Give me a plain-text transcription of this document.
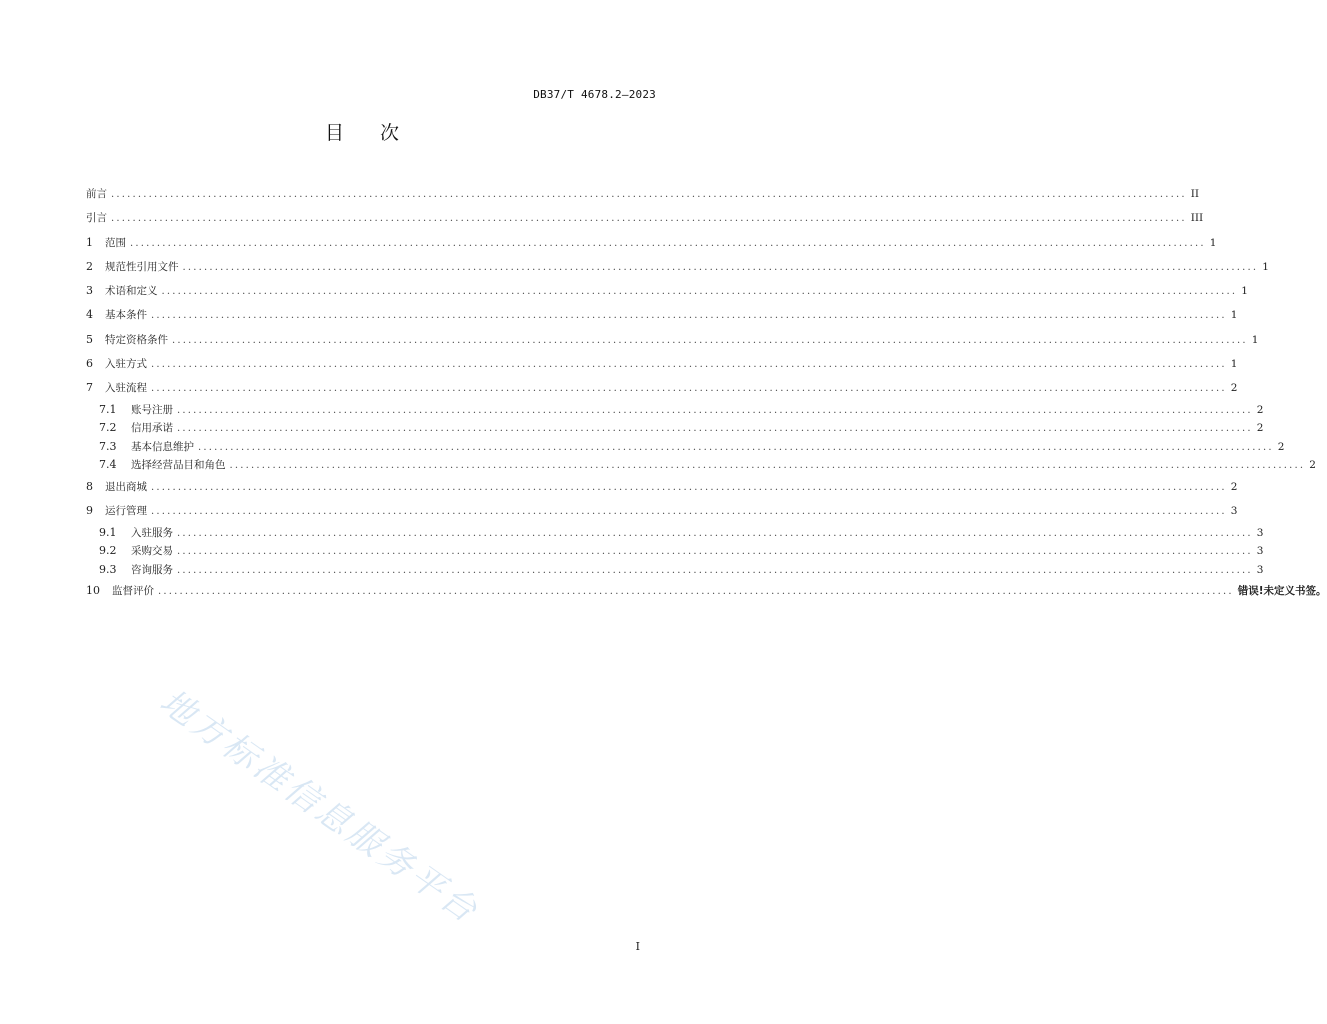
DB37/T 4678.2—2023
目 次
前言 ........................................................................................................................................................................................................ II
引言 ........................................................................................................................................................................................................ III
1	范围 ........................................................................................................................................................................................................ 1
2	规范性引用文件 ........................................................................................................................................................................................................ 1
3	术语和定义 ........................................................................................................................................................................................................ 1
4	基本条件 ........................................................................................................................................................................................................ 1
5	特定资格条件 ........................................................................................................................................................................................................ 1
6	入驻方式 ........................................................................................................................................................................................................ 1
7	入驻流程 ........................................................................................................................................................................................................ 2
7.1	账号注册 ........................................................................................................................................................................................................ 2
7.2	信用承诺 ........................................................................................................................................................................................................ 2
7.3	基本信息维护 ........................................................................................................................................................................................................ 2
7.4	选择经营品目和角色 ........................................................................................................................................................................................................ 2
8	退出商城 ........................................................................................................................................................................................................ 2
9	运行管理 ........................................................................................................................................................................................................ 3
9.1	入驻服务 ........................................................................................................................................................................................................ 3
9.2	采购交易 ........................................................................................................................................................................................................ 3
9.3	咨询服务 ........................................................................................................................................................................................................ 3
10	监督评价 ........................................................................................................................................................................................................ 错误!未定义书签。
地方标准信息服务平台
I
